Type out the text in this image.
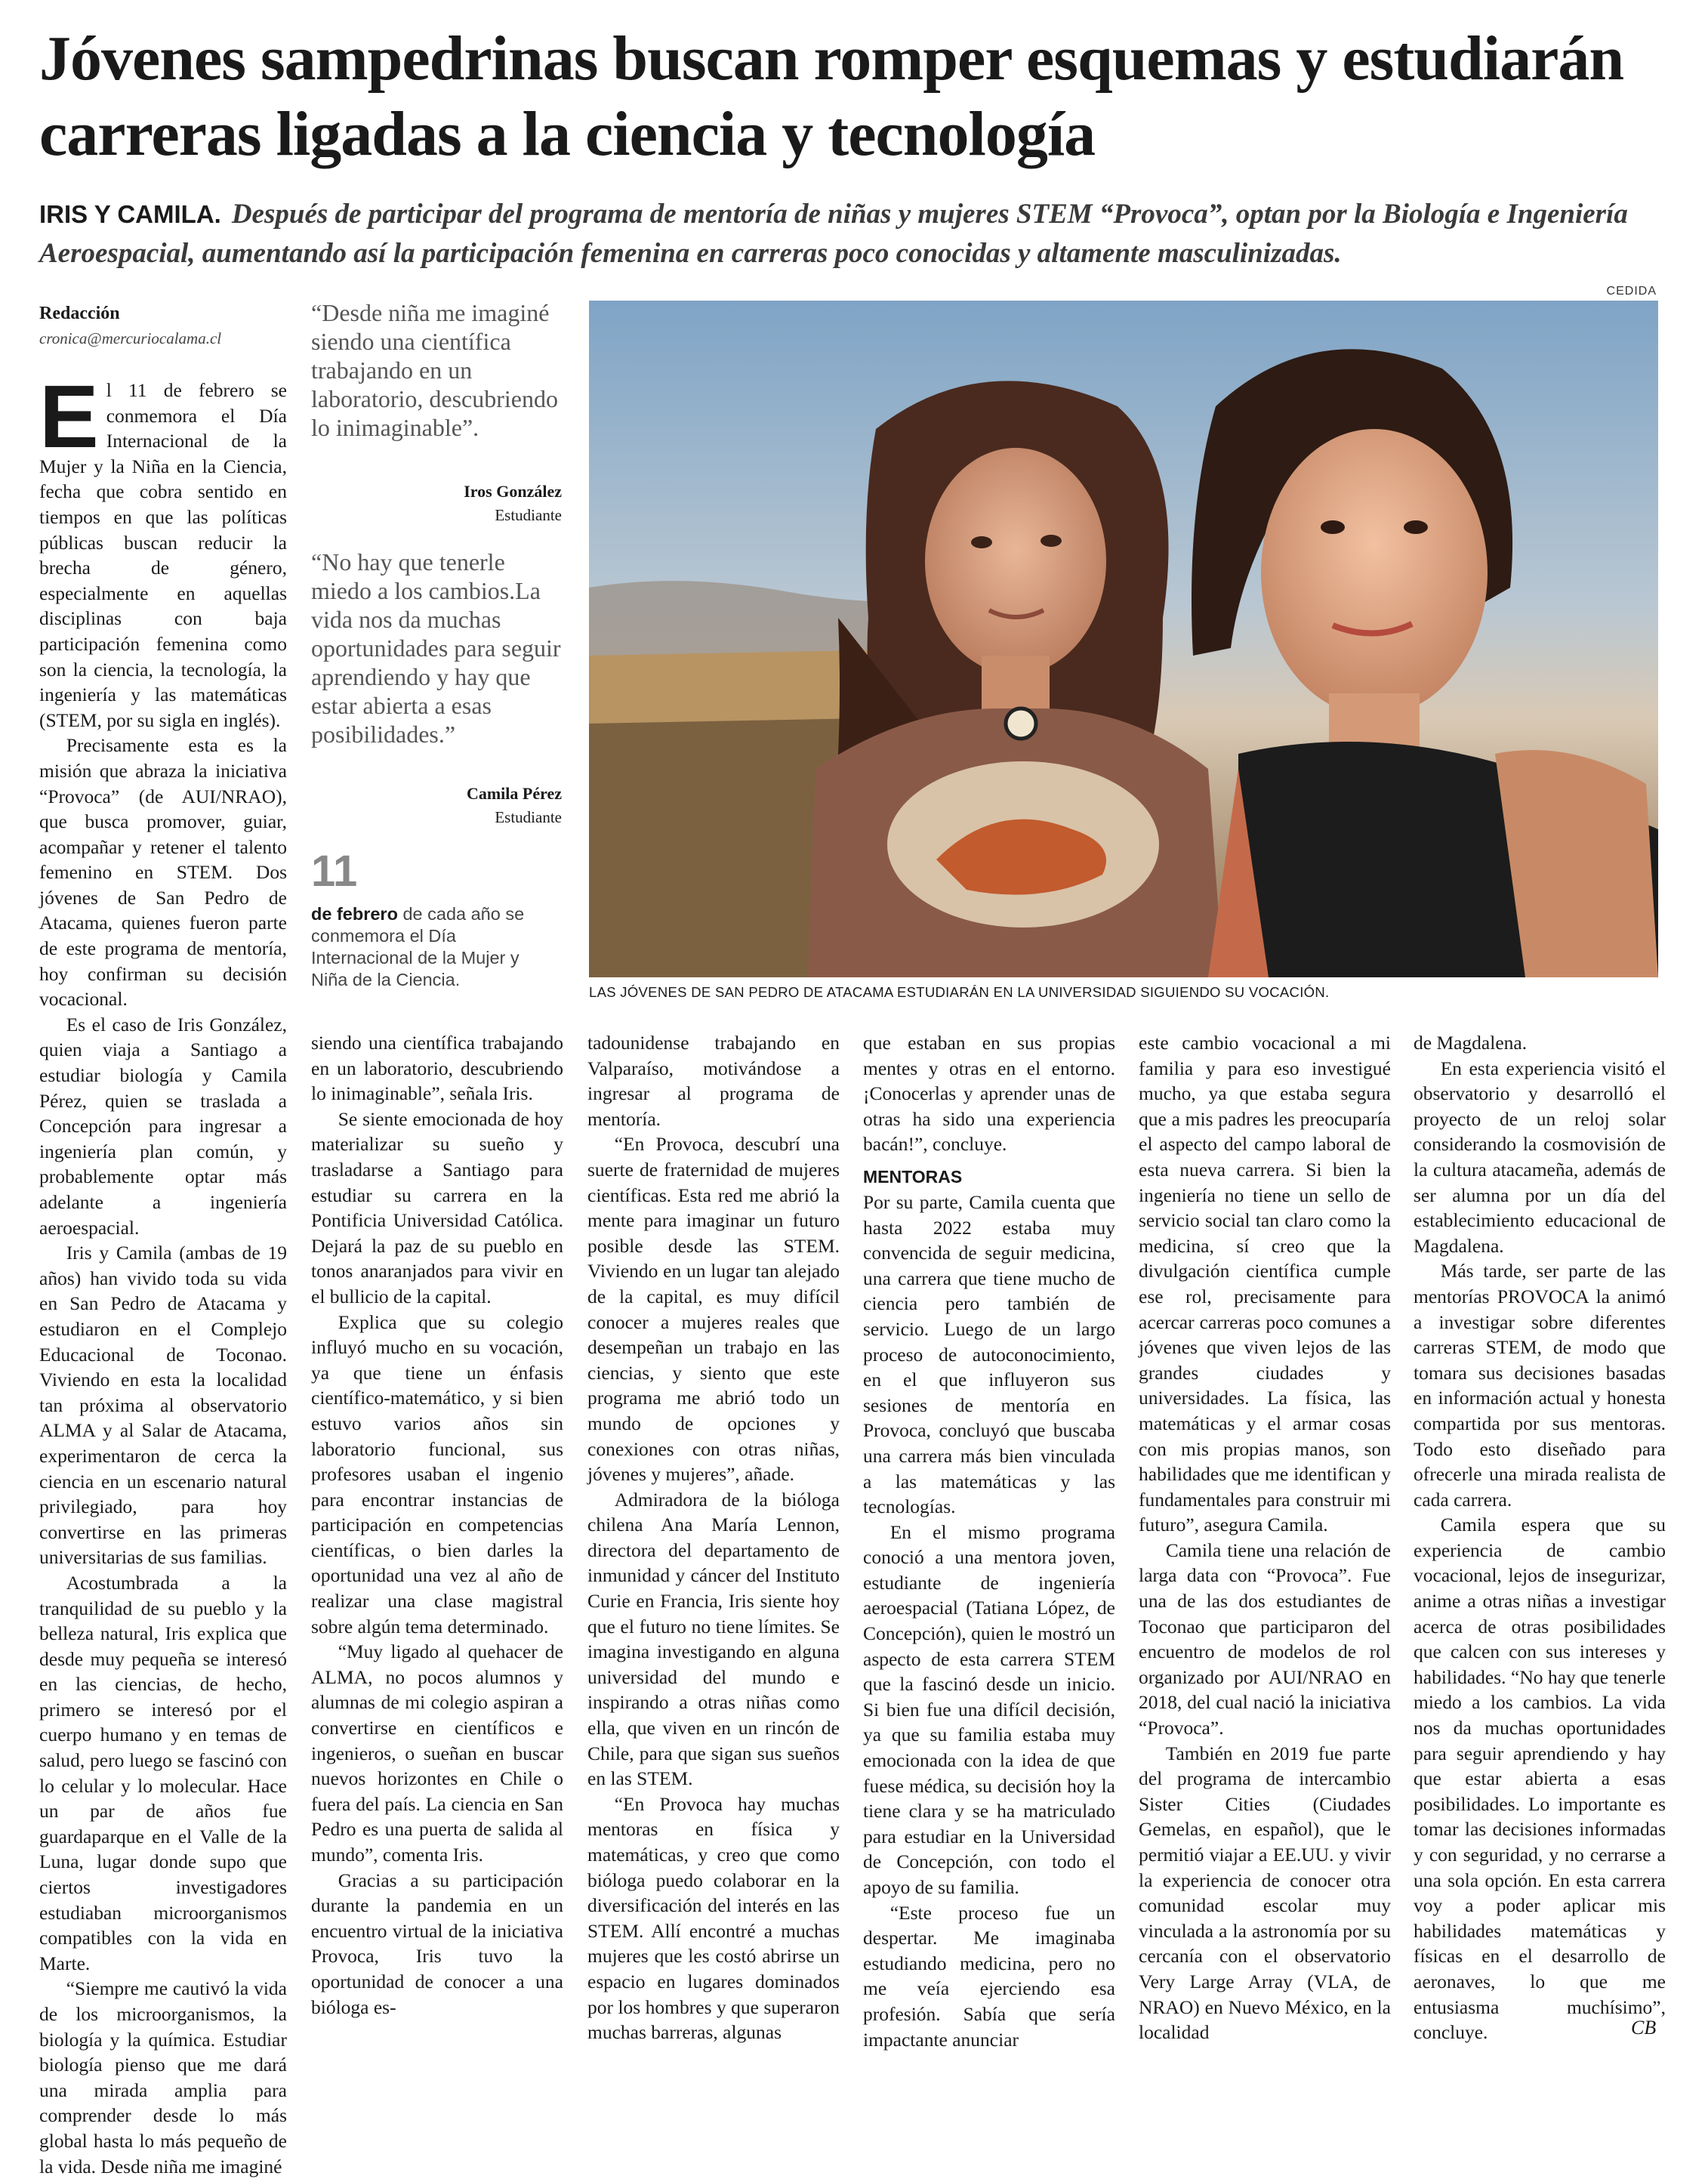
Jóvenes sampedrinas buscan romper esquemas y estudiarán carreras ligadas a la ciencia y tecnología

IRIS Y CAMILA. Después de participar del programa de mentoría de niñas y mujeres STEM “Provoca”, optan por la Biología e Ingeniería Aeroespacial, aumentando así la participación femenina en carreras poco conocidas y altamente masculinizadas.

CEDIDA
Redacción
cronica@mercuriocalama.cl
“Desde niña me imaginé siendo una científica trabajando en un laboratorio, descubriendo lo inimaginable”.
Iros González
Estudiante
“No hay que tenerle miedo a los cambios.La vida nos da muchas oportunidades para seguir aprendiendo y hay que estar abierta a esas posibilidades.”
Camila Pérez
Estudiante
11
de febrero de cada año se conmemora el Día Internacional de la Mujer y Niña de la Ciencia.
LAS JÓVENES DE SAN PEDRO DE ATACAMA ESTUDIARÁN EN LA UNIVERSIDAD SIGUIENDO SU VOCACIÓN.

El 11 de febrero se conmemora el Día Internacional de la Mujer y la Niña en la Ciencia, fecha que cobra sentido en tiempos en que las políticas públicas buscan reducir la brecha de género, especialmente en aquellas disciplinas con baja participación femenina como son la ciencia, la tecnología, la ingeniería y las matemáticas (STEM, por su sigla en inglés).

Precisamente esta es la misión que abraza la iniciativa “Provoca” (de AUI/NRAO), que busca promover, guiar, acompañar y retener el talento femenino en STEM. Dos jóvenes de San Pedro de Atacama, quienes fueron parte de este programa de mentoría, hoy confirman su decisión vocacional.

Es el caso de Iris González, quien viaja a Santiago a estudiar biología y Camila Pérez, quien se traslada a Concepción para ingresar a ingeniería plan común, y probablemente optar más adelante a ingeniería aeroespacial.

Iris y Camila (ambas de 19 años) han vivido toda su vida en San Pedro de Atacama y estudiaron en el Complejo Educacional de Toconao. Viviendo en esta la localidad tan próxima al observatorio ALMA y al Salar de Atacama, experimentaron de cerca la ciencia en un escenario natural privilegiado, para hoy convertirse en las primeras universitarias de sus familias.

Acostumbrada a la tranquilidad de su pueblo y la belleza natural, Iris explica que desde muy pequeña se interesó en las ciencias, de hecho, primero se interesó por el cuerpo humano y en temas de salud, pero luego se fascinó con lo celular y lo molecular. Hace un par de años fue guardaparque en el Valle de la Luna, lugar donde supo que ciertos investigadores estudiaban microorganismos compatibles con la vida en Marte.

“Siempre me cautivó la vida de los microorganismos, la biología y la química. Estudiar biología pienso que me dará una mirada amplia para comprender desde lo más global hasta lo más pequeño de la vida. Desde niña me imaginé

siendo una científica trabajando en un laboratorio, descubriendo lo inimaginable”, señala Iris.

Se siente emocionada de hoy materializar su sueño y trasladarse a Santiago para estudiar su carrera en la Pontificia Universidad Católica. Dejará la paz de su pueblo en tonos anaranjados para vivir en el bullicio de la capital.

Explica que su colegio influyó mucho en su vocación, ya que tiene un énfasis científico-matemático, y si bien estuvo varios años sin laboratorio funcional, sus profesores usaban el ingenio para encontrar instancias de participación en competencias científicas, o bien darles la oportunidad una vez al año de realizar una clase magistral sobre algún tema determinado.

“Muy ligado al quehacer de ALMA, no pocos alumnos y alumnas de mi colegio aspiran a convertirse en científicos e ingenieros, o sueñan en buscar nuevos horizontes en Chile o fuera del país. La ciencia en San Pedro es una puerta de salida al mundo”, comenta Iris.

Gracias a su participación durante la pandemia en un encuentro virtual de la iniciativa Provoca, Iris tuvo la oportunidad de conocer a una bióloga es-

tadounidense trabajando en Valparaíso, motivándose a ingresar al programa de mentoría.

“En Provoca, descubrí una suerte de fraternidad de mujeres científicas. Esta red me abrió la mente para imaginar un futuro posible desde las STEM. Viviendo en un lugar tan alejado de la capital, es muy difícil conocer a mujeres reales que desempeñan un trabajo en las ciencias, y siento que este programa me abrió todo un mundo de opciones y conexiones con otras niñas, jóvenes y mujeres”, añade.

Admiradora de la bióloga chilena Ana María Lennon, directora del departamento de inmunidad y cáncer del Instituto Curie en Francia, Iris siente hoy que el futuro no tiene límites. Se imagina investigando en alguna universidad del mundo e inspirando a otras niñas como ella, que viven en un rincón de Chile, para que sigan sus sueños en las STEM.

“En Provoca hay muchas mentoras en física y matemáticas, y creo que como bióloga puedo colaborar en la diversificación del interés en las STEM. Allí encontré a muchas mujeres que les costó abrirse un espacio en lugares dominados por los hombres y que superaron muchas barreras, algunas

que estaban en sus propias mentes y otras en el entorno. ¡Conocerlas y aprender unas de otras ha sido una experiencia bacán!”, concluye.

MENTORAS

Por su parte, Camila cuenta que hasta 2022 estaba muy convencida de seguir medicina, una carrera que tiene mucho de ciencia pero también de servicio. Luego de un largo proceso de autoconocimiento, en el que influyeron sus sesiones de mentoría en Provoca, concluyó que buscaba una carrera más bien vinculada a las matemáticas y las tecnologías.

En el mismo programa conoció a una mentora joven, estudiante de ingeniería aeroespacial (Tatiana López, de Concepción), quien le mostró un aspecto de esta carrera STEM que la fascinó desde un inicio. Si bien fue una difícil decisión, ya que su familia estaba muy emocionada con la idea de que fuese médica, su decisión hoy la tiene clara y se ha matriculado para estudiar en la Universidad de Concepción, con todo el apoyo de su familia.

“Este proceso fue un despertar. Me imaginaba estudiando medicina, pero no me veía ejerciendo esa profesión. Sabía que sería impactante anunciar

este cambio vocacional a mi familia y para eso investigué mucho, ya que estaba segura que a mis padres les preocuparía el aspecto del campo laboral de esta nueva carrera. Si bien la ingeniería no tiene un sello de servicio social tan claro como la medicina, sí creo que la divulgación científica cumple ese rol, precisamente para acercar carreras poco comunes a jóvenes que viven lejos de las grandes ciudades y universidades. La física, las matemáticas y el armar cosas con mis propias manos, son habilidades que me identifican y fundamentales para construir mi futuro”, asegura Camila.

Camila tiene una relación de larga data con “Provoca”. Fue una de las dos estudiantes de Toconao que participaron del encuentro de modelos de rol organizado por AUI/NRAO en 2018, del cual nació la iniciativa “Provoca”.

También en 2019 fue parte del programa de intercambio Sister Cities (Ciudades Gemelas, en español), que le permitió viajar a EE.UU. y vivir la experiencia de conocer otra comunidad escolar muy vinculada a la astronomía por su cercanía con el observatorio Very Large Array (VLA, de NRAO) en Nuevo México, en la localidad

de Magdalena.

En esta experiencia visitó el observatorio y desarrolló el proyecto de un reloj solar considerando la cosmovisión de la cultura atacameña, además de ser alumna por un día del establecimiento educacional de Magdalena.

Más tarde, ser parte de las mentorías PROVOCA la animó a investigar sobre diferentes carreras STEM, de modo que tomara sus decisiones basadas en información actual y honesta compartida por sus mentoras. Todo esto diseñado para ofrecerle una mirada realista de cada carrera.

Camila espera que su experiencia de cambio vocacional, lejos de insegurizar, anime a otras niñas a investigar acerca de otras posibilidades que calcen con sus intereses y habilidades. “No hay que tenerle miedo a los cambios. La vida nos da muchas oportunidades para seguir aprendiendo y hay que estar abierta a esas posibilidades. Lo importante es tomar las decisiones informadas y con seguridad, y no cerrarse a una sola opción. En esta carrera voy a poder aplicar mis habilidades matemáticas y físicas en el desarrollo de aeronaves, lo que me entusiasma muchísimo”, concluye.	CB
